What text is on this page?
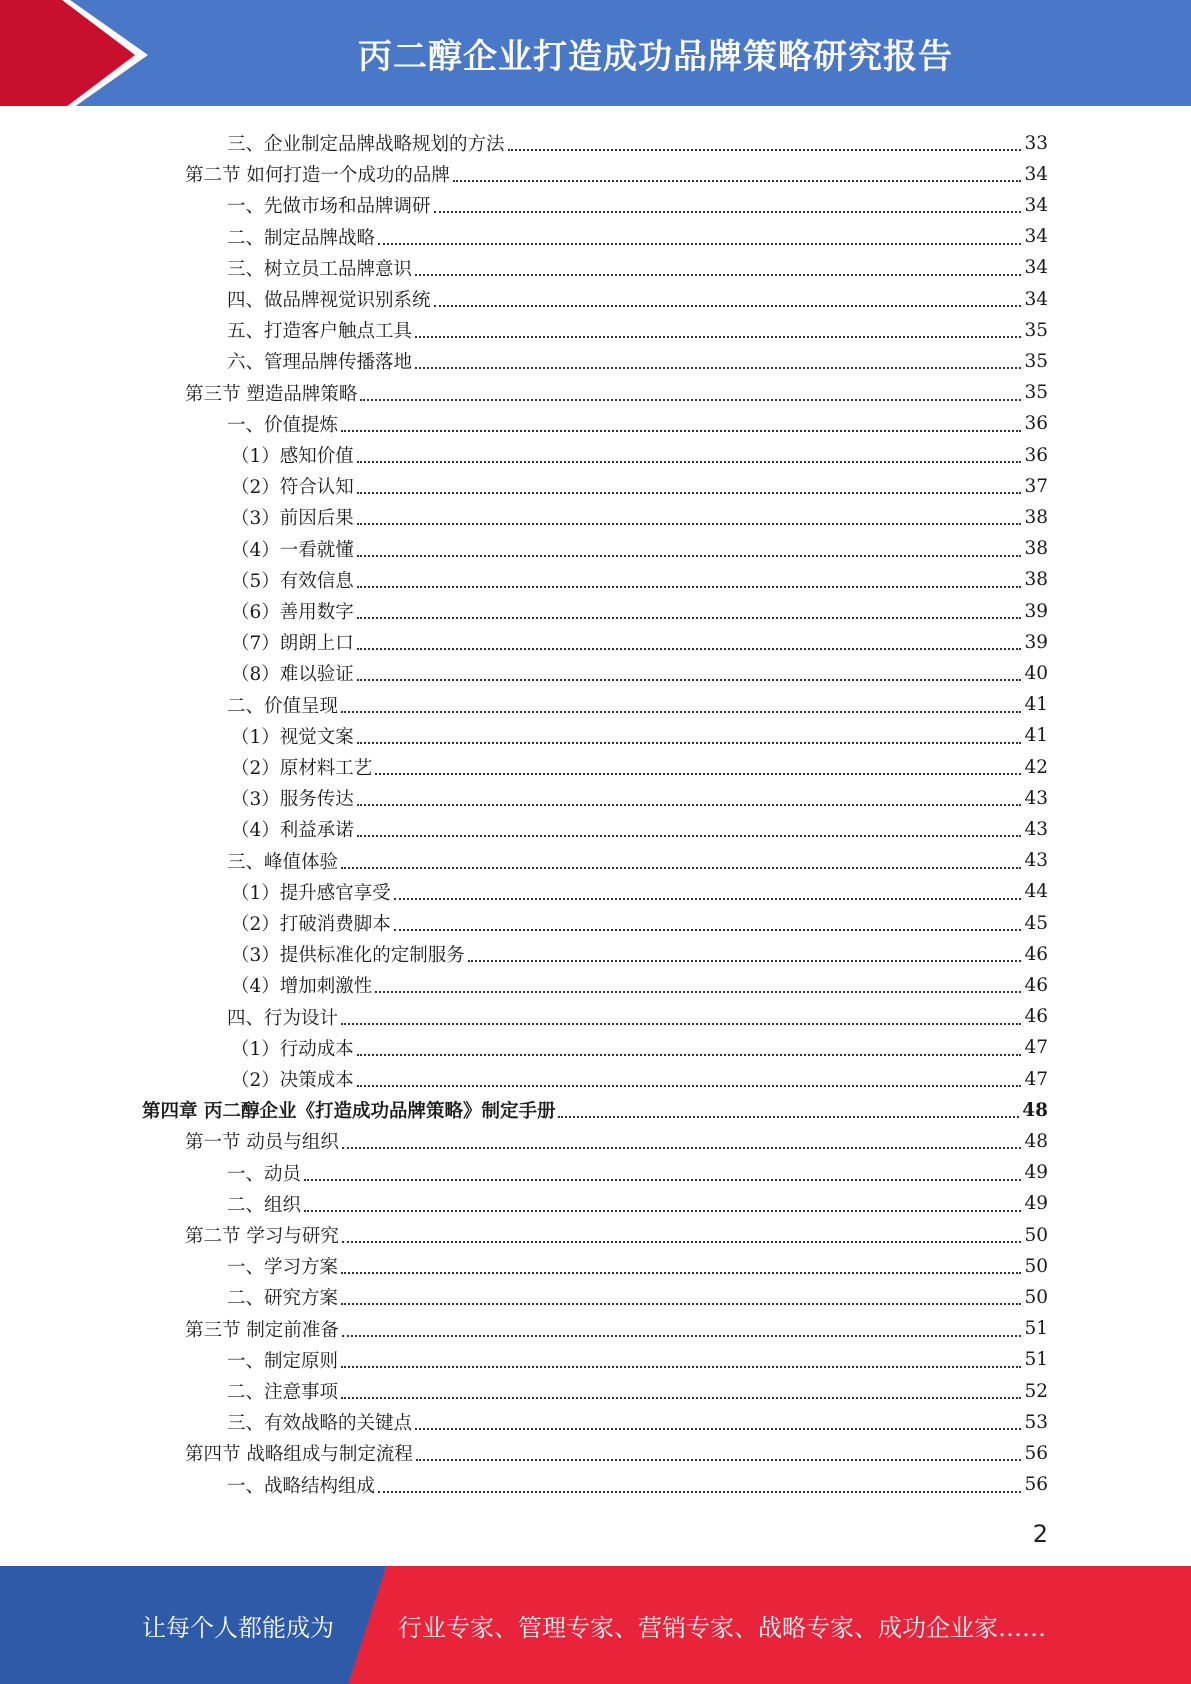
丙二醇企业打造成功品牌策略研究报告
三、企业制定品牌战略规划的方法	33
第二节 如何打造一个成功的品牌	34
一、先做市场和品牌调研	34
二、制定品牌战略	34
三、树立员工品牌意识	34
四、做品牌视觉识别系统	34
五、打造客户触点工具	35
六、管理品牌传播落地	35
第三节 塑造品牌策略	35
一、价值提炼	36
（1）感知价值	36
（2）符合认知	37
（3）前因后果	38
（4）一看就懂	38
（5）有效信息	38
（6）善用数字	39
（7）朗朗上口	39
（8）难以验证	40
二、价值呈现	41
（1）视觉文案	41
（2）原材料工艺	42
（3）服务传达	43
（4）利益承诺	43
三、峰值体验	43
（1）提升感官享受	44
（2）打破消费脚本	45
（3）提供标准化的定制服务	46
（4）增加刺激性	46
四、行为设计	46
（1）行动成本	47
（2）决策成本	47
第四章 丙二醇企业《打造成功品牌策略》制定手册	48
第一节 动员与组织	48
一、动员	49
二、组织	49
第二节 学习与研究	50
一、学习方案	50
二、研究方案	50
第三节 制定前准备	51
一、制定原则	51
二、注意事项	52
三、有效战略的关键点	53
第四节 战略组成与制定流程	56
一、战略结构组成	56
2
让每个人都能成为	行业专家、管理专家、营销专家、战略专家、成功企业家……
